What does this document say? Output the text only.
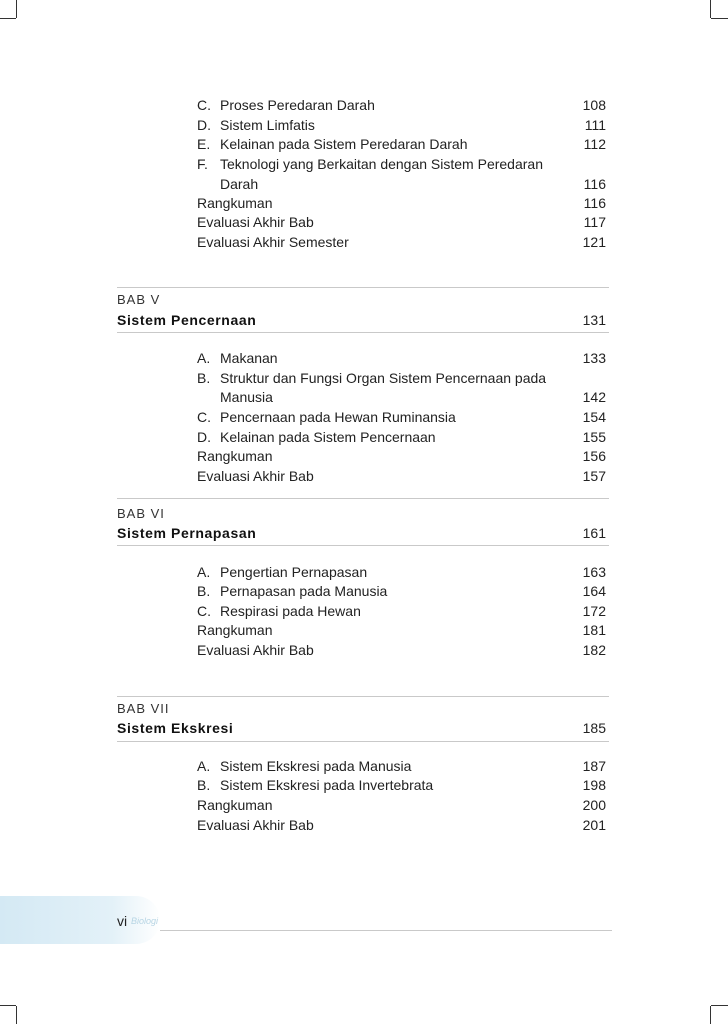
C. Proses Peredaran Darah	108
D. Sistem Limfatis	111
E. Kelainan pada Sistem Peredaran Darah	112
F. Teknologi yang Berkaitan dengan Sistem Peredaran
Darah	116
Rangkuman	116
Evaluasi Akhir Bab	117
Evaluasi Akhir Semester	121
BAB V
Sistem Pencernaan	131
A. Makanan	133
B. Struktur dan Fungsi Organ Sistem Pencernaan pada
Manusia	142
C. Pencernaan pada Hewan Ruminansia	154
D. Kelainan pada Sistem Pencernaan	155
Rangkuman	156
Evaluasi Akhir Bab	157
BAB VI
Sistem Pernapasan	161
A. Pengertian Pernapasan	163
B. Pernapasan pada Manusia	164
C. Respirasi pada Hewan	172
Rangkuman	181
Evaluasi Akhir Bab	182
BAB VII
Sistem Ekskresi	185
A. Sistem Ekskresi pada Manusia	187
B. Sistem Ekskresi pada Invertebrata	198
Rangkuman	200
Evaluasi Akhir Bab	201
vi Biologi
